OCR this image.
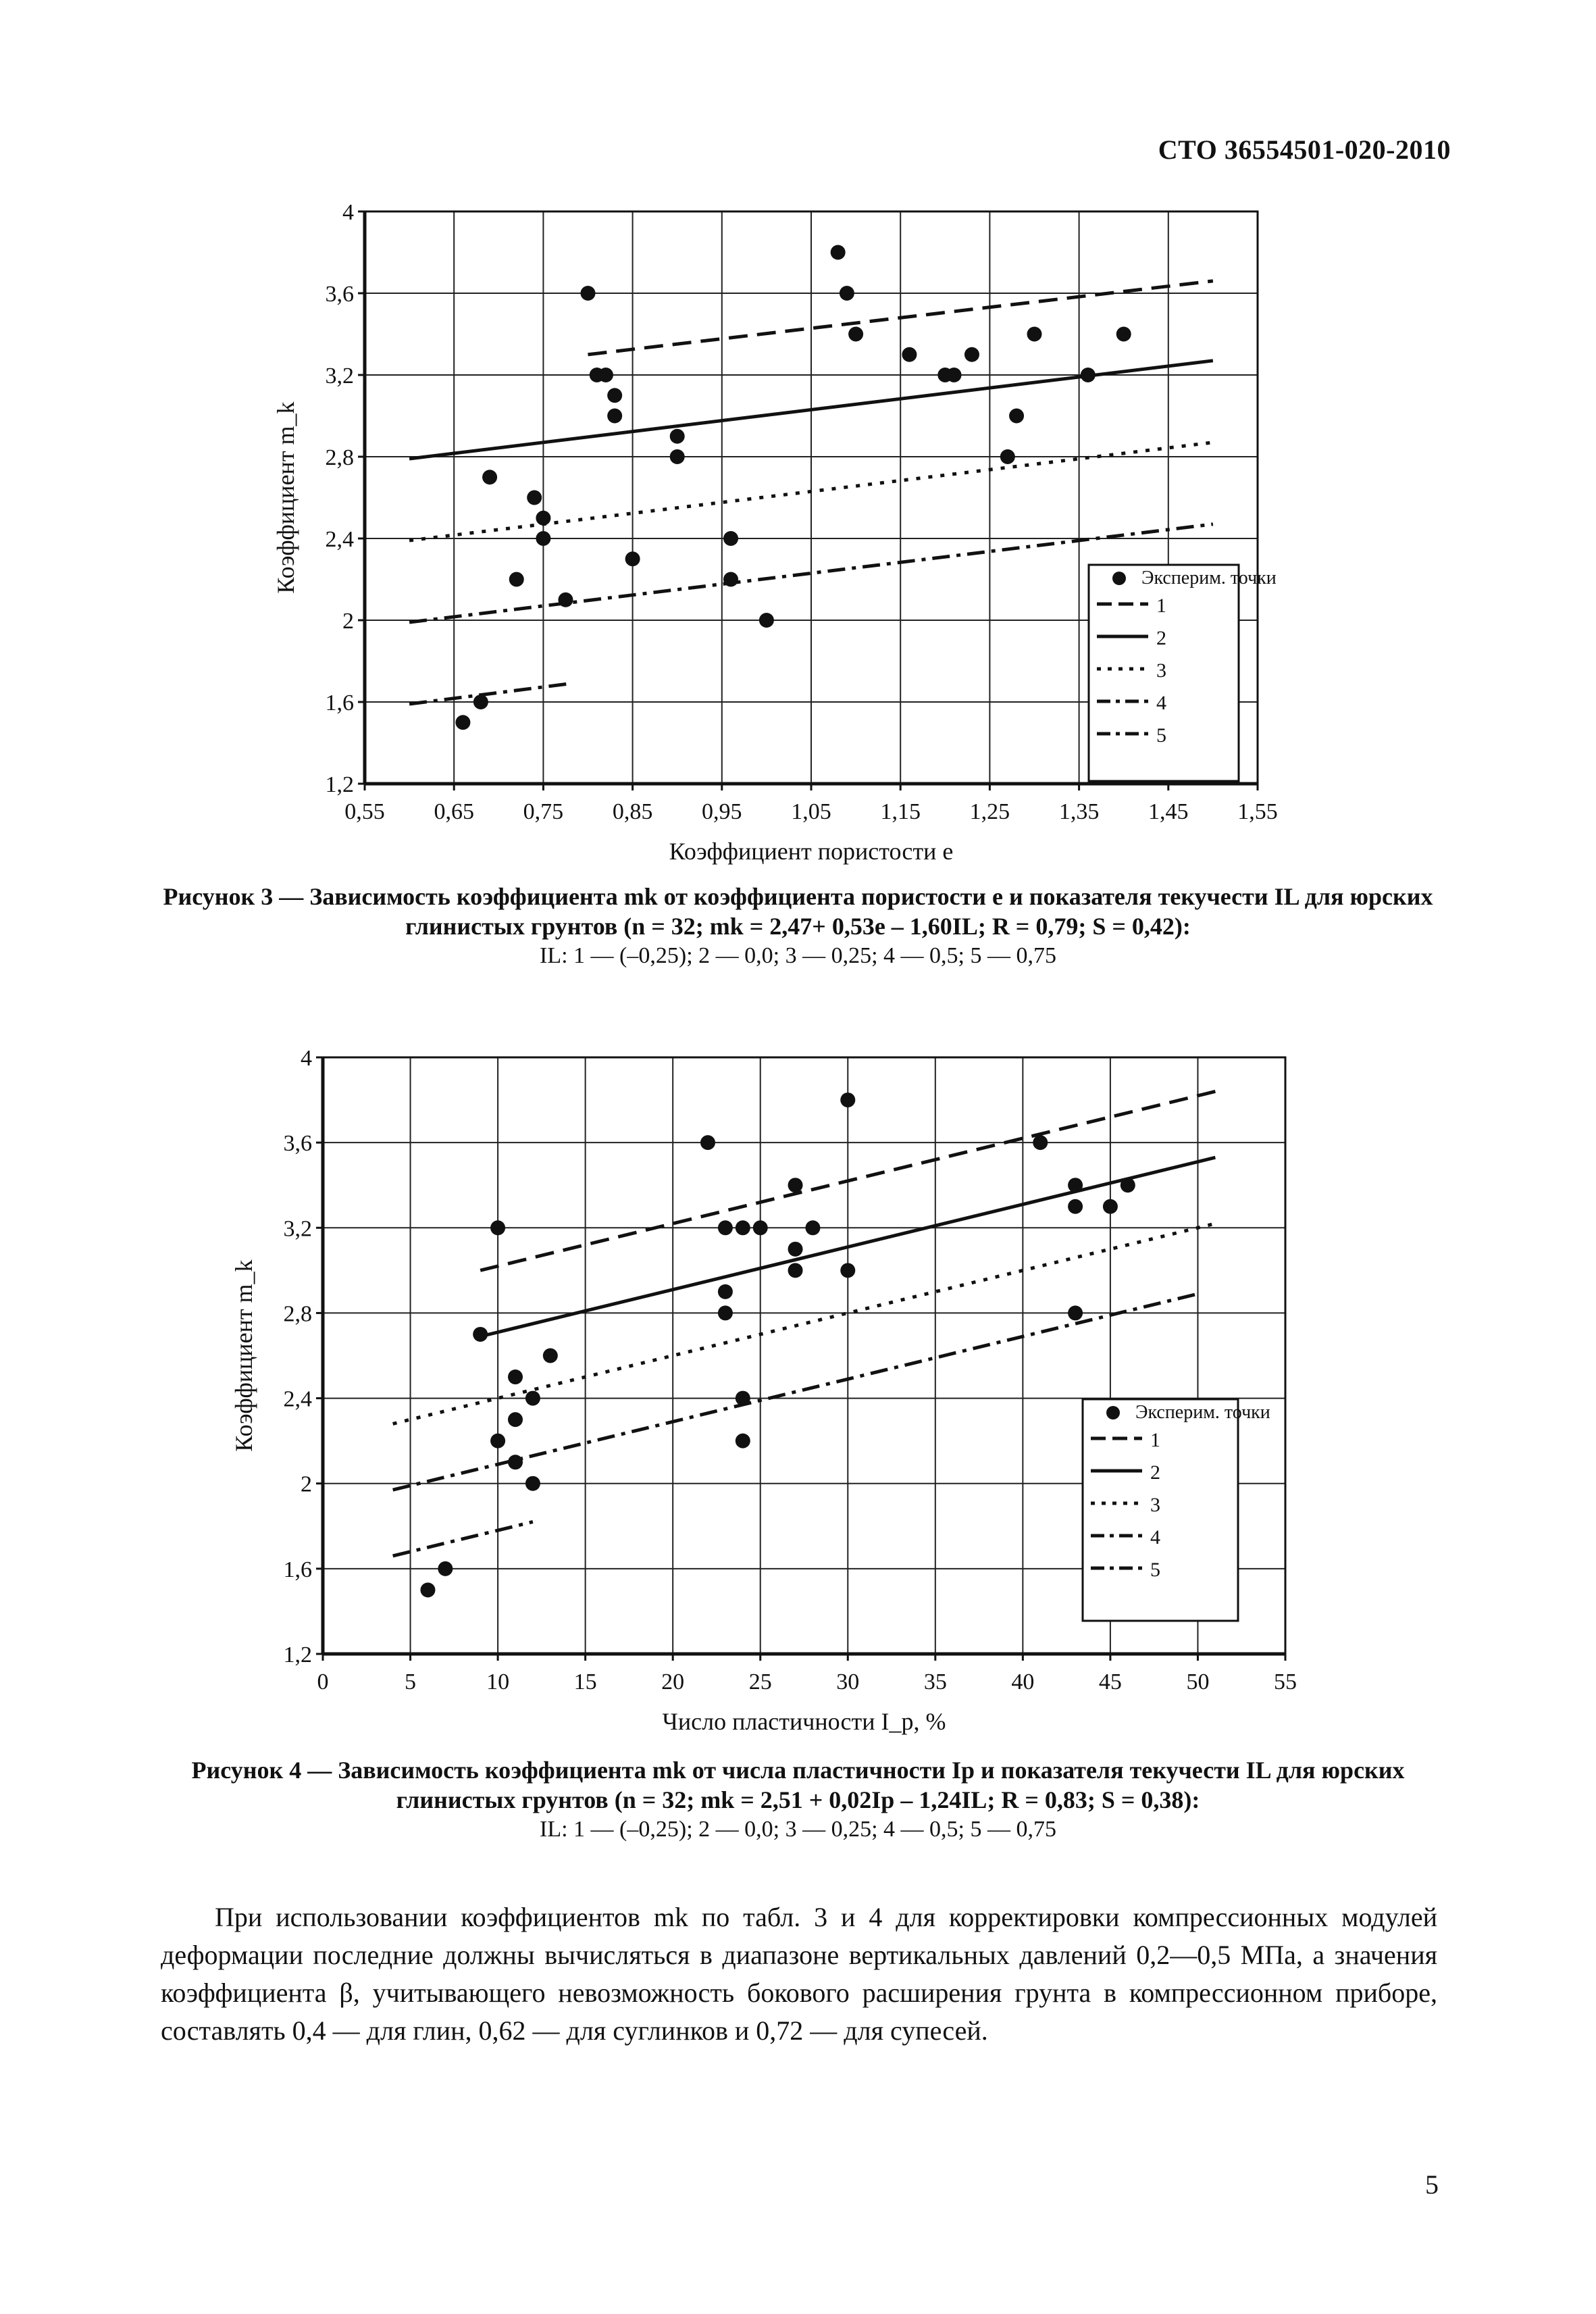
СТО 36554501-020-2010
0,55 0,65 0,75 0,85 0,95 1,05 1,15 1,25 1,35 1,45 1,55
1,2
1,6
2
2,4
2,8
3,2
3,6
4
Коэффициент пористости e
Коэффициент m_k	Эксперим. точки
1
2
3
4
5
Рисунок 3 — Зависимость коэффициента mk от коэффициента пористости e и показателя текучести IL для юрских глинистых грунтов (n = 32; mk = 2,47+ 0,53e – 1,60IL; R = 0,79; S = 0,42):
IL: 1 — (–0,25); 2 — 0,0; 3 — 0,25; 4 — 0,5; 5 — 0,75
0	5	10	15	20	25	30	35	40	45	50	55
1,2
1,6
2
2,4
2,8
3,2
3,6
4
Число пластичности I_p, %
Коэффициент m_k	Эксперим. точки
1
2
3
4
5
Рисунок 4 — Зависимость коэффициента mk от числа пластичности Ip и показателя текучести IL для юрских глинистых грунтов (n = 32; mk = 2,51 + 0,02Ip – 1,24IL; R = 0,83; S = 0,38):
IL: 1 — (–0,25); 2 — 0,0; 3 — 0,25; 4 — 0,5; 5 — 0,75
При использовании коэффициентов mk по табл. 3 и 4 для корректировки компрессионных модулей деформации последние должны вычисляться в диапазоне вертикальных давлений 0,2—0,5 МПа, а значения коэффициента β, учитывающего невозможность бокового расширения грунта в компрессионном приборе, составлять 0,4 — для глин, 0,62 — для суглинков и 0,72 — для супесей.
5
